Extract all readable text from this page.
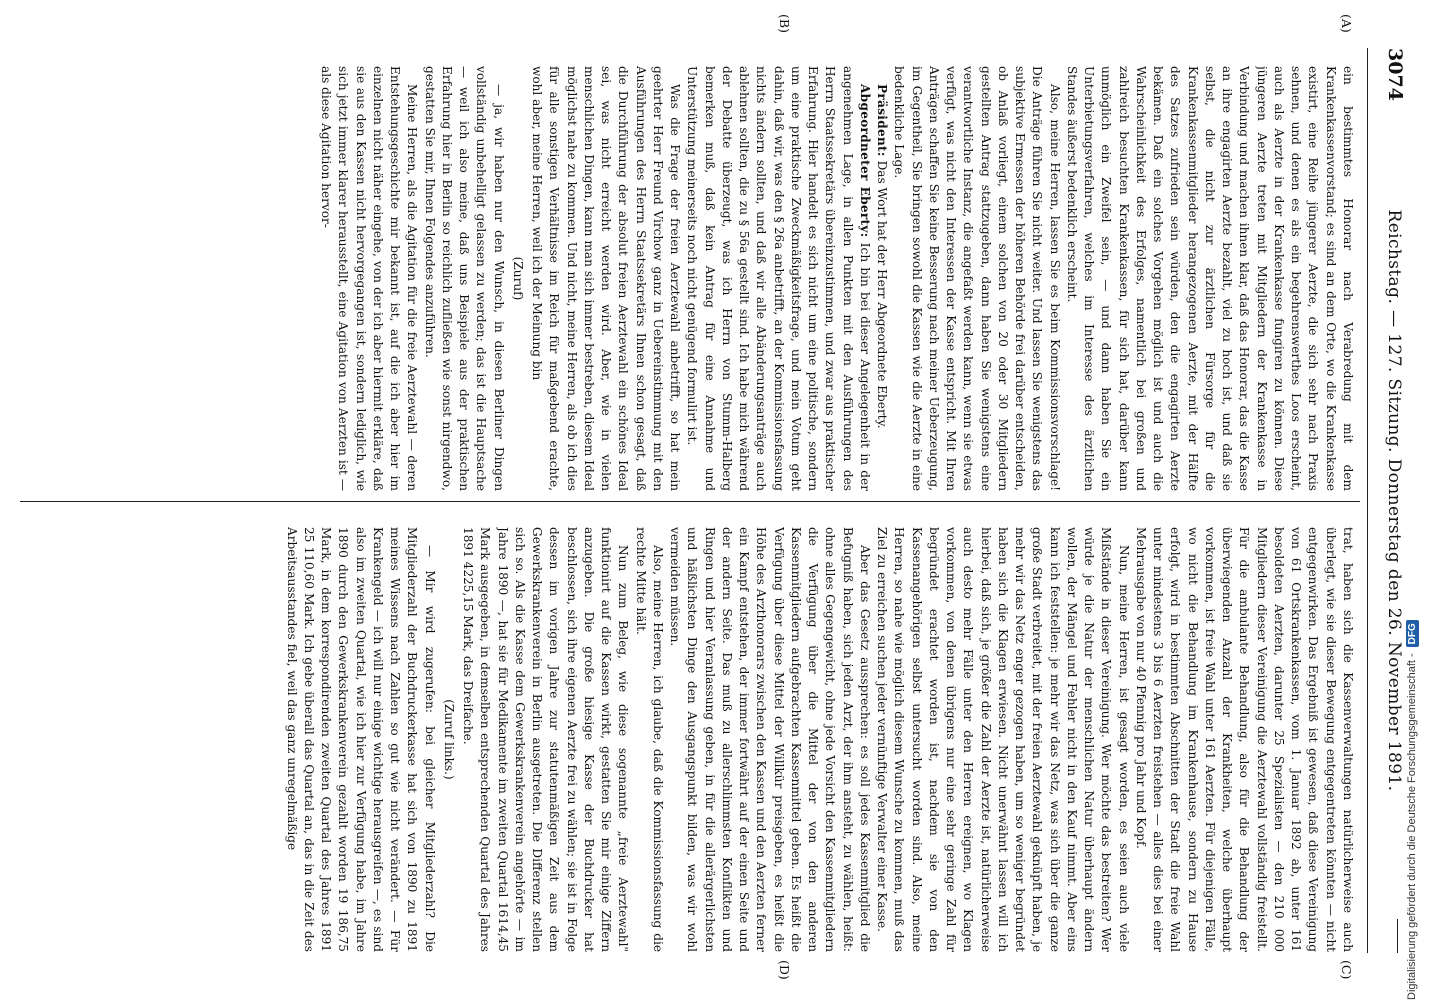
3074
Reichstag. — 127. Sitzung. Donnerstag den 26. November 1891.
(A)
(B)
(C)
(D)

ein bestimmtes Honorar nach Verabredung mit dem Krankenkassenvorstand; es sind an dem Orte, wo die Krankenkasse existirt, eine Reihe jüngerer Aerzte, die sich sehr nach Praxis sehnen, und denen es als ein begehrenswerthes Loos erscheint, auch als Aerzte in der Krankenkasse fungiren zu können. Diese jüngeren Aerzte treten mit Mitgliedern der Krankenkasse in Verbindung und machen ihnen klar, daß das Honorar, das die Kasse an ihre engagirten Aerzte bezahlt, viel zu hoch ist, und daß sie selbst, die nicht zur ärztlichen Fürsorge für die Krankenkassenmitglieder herangezogenen Aerzte, mit der Hälfte des Satzes zufrieden sein würden, den die engagirten Aerzte bekämen. Daß ein solches Vorgehen möglich ist und auch die Wahrscheinlichkeit des Erfolges, namentlich bei großen und zahlreich besuchten Krankenkassen, für sich hat, darüber kann unmöglich ein Zweifel sein, — und dann haben Sie ein Unterbietungsverfahren, welches im Interesse des ärztlichen Standes äußerst bedenklich erscheint.

Also, meine Herren, lassen Sie es beim Kommissionsvorschlage! Die Anträge führen Sie nicht weiter. Und lassen Sie wenigstens das subjektive Ermessen der höheren Behörde frei darüber entscheiden, ob Anlaß vorliegt, einem solchen von 20 oder 30 Mitgliedern gestellten Antrag stattzugeben, dann haben Sie wenigstens eine verantwortliche Instanz, die angefaßt werden kann, wenn sie etwas verfügt, was nicht den Interessen der Kasse entspricht. Mit Ihren Anträgen schaffen Sie keine Besserung nach meiner Ueberzeugung, im Gegentheil, Sie bringen sowohl die Kassen wie die Aerzte in eine bedenkliche Lage.

Präsident: Das Wort hat der Herr Abgeordnete Eberty.

Abgeordneter Eberty: Ich bin bei dieser Angelegenheit in der angenehmen Lage, in allen Punkten mit den Ausführungen des Herrn Staatssekretärs übereinzustimmen, und zwar aus praktischer Erfahrung. Hier handelt es sich nicht um eine politische, sondern um eine praktische Zweckmäßigkeitsfrage, und mein Votum geht dahin, daß wir, was den § 26a anbetrifft, an der Kommissionsfassung nichts ändern sollten, und daß wir alle Abänderungsanträge auch ablehnen sollten, die zu § 56a gestellt sind. Ich habe mich während der Debatte überzeugt, was ich Herrn von Stumm-Halberg bemerken muß, daß kein Antrag für eine Annahme und Unterstützung meinerseits noch nicht genügend formulirt ist.

Was die Frage der freien Aerztewahl anbetrifft, so hat mein geehrter Herr Freund Virchow ganz in Uebereinstimmung mit den Ausführungen des Herrn Staatssekretärs Ihnen schon gesagt, daß die Durchführung der absolut freien Aerztewahl ein schönes Ideal sei, was nicht erreicht werden wird. Aber, wie in vielen menschlichen Dingen, kann man sich immer bestreben, diesem Ideal möglichst nahe zu kommen. Und nicht, meine Herren, als ob ich dies für alle sonstigen Verhältnisse im Reich für maßgebend erachte, wohl aber, meine Herren, weil ich der Meinung bin

(Zuruf)

— ja, wir haben nur den Wunsch, in diesen Berliner Dingen vollständig unbehelligt gelassen zu werden; das ist die Hauptsache — weil ich also meine, daß uns Beispiele aus der praktischen Erfahrung hier in Berlin so reichlich zufließen wie sonst nirgendwo, gestatten Sie mir, Ihnen Folgendes anzuführen.

Meine Herren, als die Agitation für die freie Aerztewahl — deren Entstehungsgeschichte mir bekannt ist, auf die ich aber hier im einzelnen nicht näher eingehe, von der ich aber hiermit erkläre, daß sie aus den Kassen nicht hervorgegangen ist, sondern lediglich, wie sich jetzt immer klarer herausstellt, eine Agitation von Aerzten ist — als diese Agitation hervor-

trat, haben sich die Kassenverwaltungen natürlicherweise auch überlegt, wie sie dieser Bewegung entgegentreten könnten — nicht entgegenwirken. Das Ergebniß ist gewesen, daß diese Vereinigung von 61 Ortskrankenkassen, vom 1. Januar 1892 ab, unter 161 besoldeten Aerzten, darunter 25 Spezialisten — den 210 000 Mitgliedern dieser Vereinigung die Aerztewahl vollständig freistellt. Für die ambulante Behandlung, also für die Behandlung der überwiegenden Anzahl der Krankheiten, welche überhaupt vorkommen, ist freie Wahl unter 161 Aerzten. Für diejenigen Fälle, wo nicht die Behandlung im Krankenhause, sondern zu Hause erfolgt, wird in bestimmten Abschnitten der Stadt die freie Wahl unter mindestens 3 bis 6 Aerzten freistehen — alles dies bei einer Mehrausgabe von nur 40 Pfennig pro Jahr und Kopf.

Nun, meine Herren, ist gesagt worden, es seien auch viele Mißstände in dieser Vereinigung. Wer möchte das bestreiten? Wer würde je die Natur der menschlichen Natur überhaupt ändern wollen, der Mängel und Fehler nicht in den Kauf nimmt. Aber eins kann ich feststellen: je mehr wir das Netz, was sich über die ganze große Stadt verbreitet, mit der freien Aerztewahl geknüpft haben, je mehr wir das Netz enger gezogen haben, um so weniger begründet haben sich die Klagen erwiesen. Nicht unerwähnt lassen will ich hierbei, daß sich, je größer die Zahl der Aerzte ist, natürlicherweise auch desto mehr Fälle unter den Herren ereignen, wo Klagen vorkommen, von denen übrigens nur eine sehr geringe Zahl für begründet erachtet worden ist, nachdem sie von den Kassenangehörigen selbst untersucht worden sind. Also, meine Herren, so nahe wie möglich diesem Wunsche zu kommen, muß das Ziel zu erreichen suchen jeder vernünftige Verwalter einer Kasse.

Aber das Gesetz aussprechen: es soll jedes Kassenmitglied die Befugniß haben, sich jeden Arzt, der ihm ansteht, zu wählen, heißt: ohne alles Gegengewicht, ohne jede Vorsicht den Kassenmitgliedern die Verfügung über die Mittel der von den anderen Kassenmitgliedern aufgebrachten Kassenmittel geben. Es heißt die Verfügung über diese Mittel der Willkür preisgeben, es heißt die Höhe des Arzthonorars zwischen den Kassen und den Aerzten ferner ein Kampf entstehen, der immer fortwährt auf der einen Seite und der andern Seite. Das muß zu allerschlimmsten Konflikten und Ringen und hier Veranlassung geben, in für die allerärgerlichsten und häßlichsten Dinge den Ausgangspunkt bilden, was wir wohl vermeiden müssen.

Also, meine Herren, ich glaube, daß die Kommissionsfassung die rechte Mitte hält.

Nun zum Beleg, wie diese sogenannte „freie Aerztewahl" funktionirt auf die Kassen wirkt, gestatten Sie mir einige Ziffern anzugeben. Die große hiesige Kasse der Buchdrucker hat beschlossen, sich ihre eigenen Aerzte frei zu wählen; sie ist in Folge dessen im vorigen Jahre zur statutenmäßigen Zeit aus dem Gewerkskrankenverein in Berlin ausgetreten. Die Differenz stellen sich so. Als die Kasse dem Gewerkskrankenverein angehörte — im Jahre 1890 —, hat sie für Medikamente im zweiten Quartal 1614,45 Mark ausgegeben, in demselben entsprechenden Quartal des Jahres 1891 4225,15 Mark, das Dreifache.

(Zuruf links.)

— Mir wird zugerufen: bei gleicher Mitgliederzahl? Die Mitgliederzahl der Buchdruckerkasse hat sich von 1890 zu 1891 meines Wissens nach Zahlen so gut wie nicht verändert. — Für Krankengeld — ich will nur einige wichtige herausgreifen —, es sind also im zweiten Quartal, wie ich hier zur Verfügung habe, im Jahre 1890 durch den Gewerkskrankenverein gezahlt worden 19 186,75 Mark, in dem korrespondirenden zweiten Quartal des Jahres 1891 25 110,60 Mark. Ich gebe überall das Quartal an, das in die Zeit des Arbeitsausstandes fiel, weil das ganz unregelmäßige	Digitalisierung gefördert durch die Deutsche Forschungsgemeinschaft -DFG
